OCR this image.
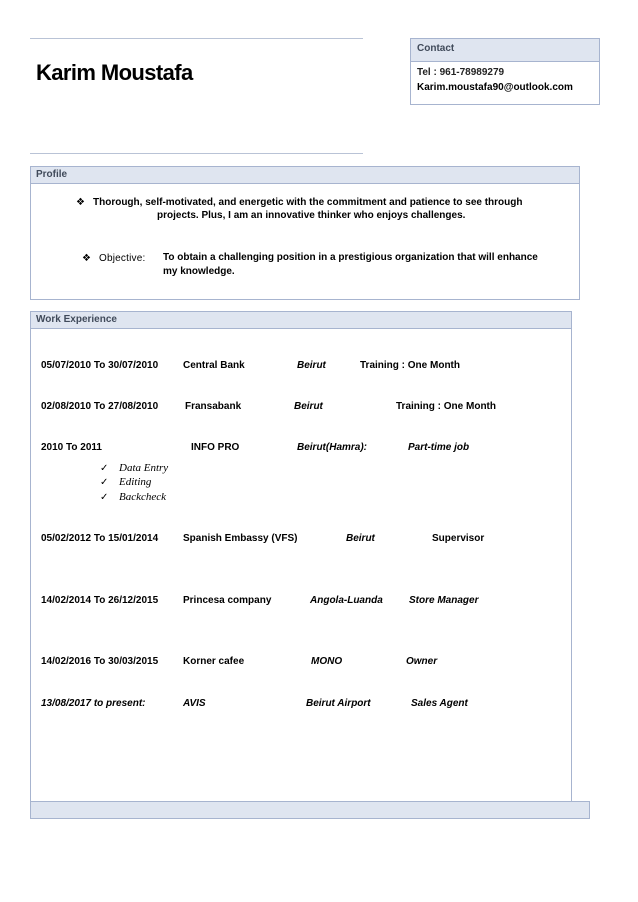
Karim Moustafa
Contact
Tel : 961-78989279
Karim.moustafa90@outlook.com
Profile
❖ Thorough, self-motivated, and energetic with the commitment and patience to see through
projects. Plus, I am an innovative thinker who enjoys challenges.
❖ Objective: To obtain a challenging position in a prestigious organization that will enhance
my knowledge.
Work Experience
05/07/2010 To 30/07/2010 Central Bank	Beirut	Training : One Month
02/08/2010 To 27/08/2010	Fransabank	Beirut	Training : One Month
2010 To 2011	INFO PRO	Beirut(Hamra):	Part-time job
✓ Data Entry
✓ Editing
✓ Backcheck
05/02/2012 To 15/01/2014 Spanish Embassy (VFS)	Beirut	Supervisor
14/02/2014 To 26/12/2015 Princesa company	Angola-Luanda	Store Manager
14/02/2016 To 30/03/2015 Korner cafee	MONO	Owner
13/08/2017 to present:	AVIS	Beirut Airport	Sales Agent
